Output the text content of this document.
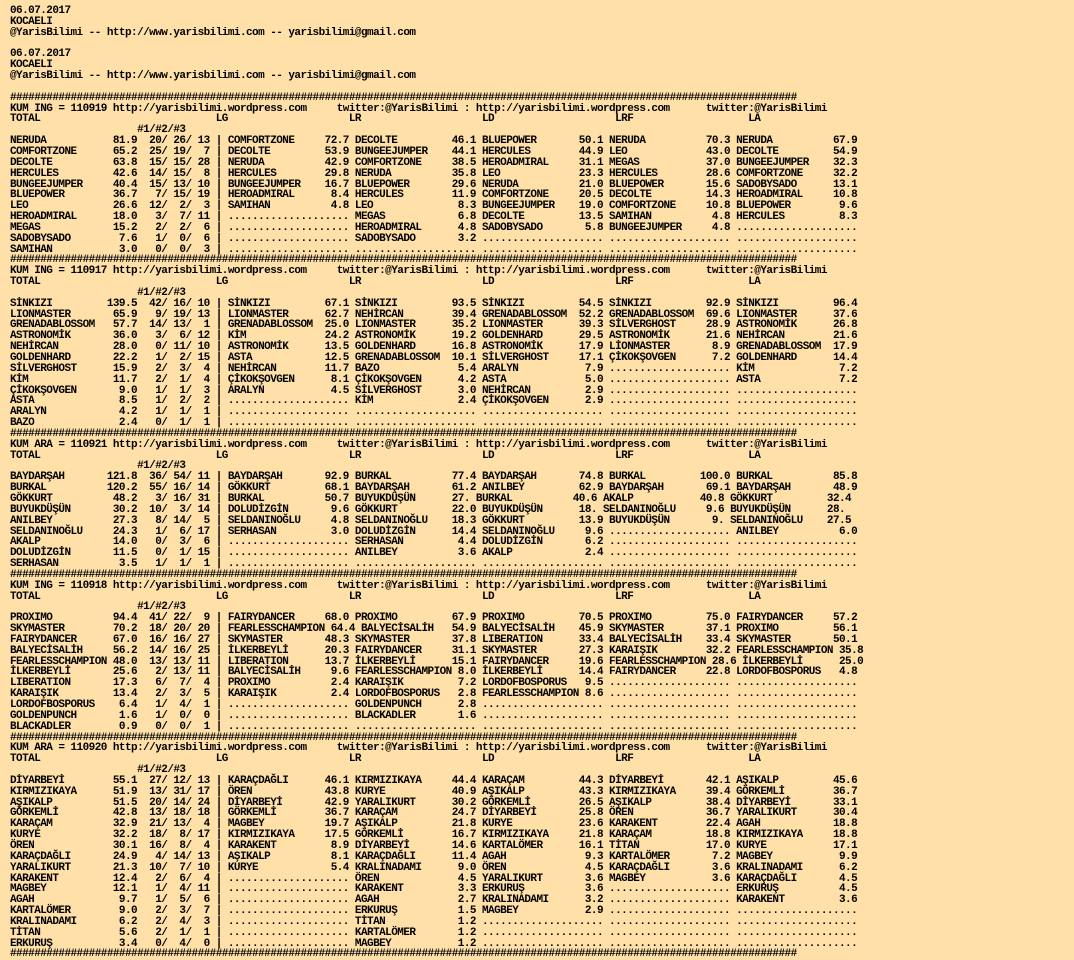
06.07.2017
KOCAELI
@YarisBilimi -- http://www.yarisbilimi.com -- yarisbilimi@gmail.com
06.07.2017
KOCAELI
@YarisBilimi -- http://www.yarisbilimi.com -- yarisbilimi@gmail.com
##################################################################################################################################
KUM ING = 110919 http://yarisbilimi.wordpress.com     twitter:@YarisBilimi : http://yarisbilimi.wordpress.com      twitter:@YarisBilimi
TOTAL                             LG                    LR                    LD                    LRF                   LA
#1/#2/#3
NERUDA           81.9  20/ 26/ 13 | COMFORTZONE     72.7 DECOLTE         46.1 BLUEPOWER       50.1 NERUDA          70.3 NERUDA          67.9
COMFORTZONE      65.2  25/ 19/  7 | DECOLTE         53.9 BUNGEEJUMPER    44.1 HERCULES        44.9 LEO             43.0 DECOLTE         54.9
DECOLTE          63.8  15/ 15/ 28 | NERUDA          42.9 COMFORTZONE     38.5 HEROADMIRAL     31.1 MEGAS           37.0 BUNGEEJUMPER    32.3
HERCULES         42.6  14/ 15/  8 | HERCULES        29.8 NERUDA          35.8 LEO             23.3 HERCULES        28.6 COMFORTZONE     32.2
BUNGEEJUMPER     40.4  15/ 13/ 10 | BUNGEEJUMPER    16.7 BLUEPOWER       29.6 NERUDA          21.0 BLUEPOWER       15.6 SADOBYSADO      13.1
BLUEPOWER        36.7   7/ 15/ 19 | HEROADMIRAL      8.4 HERCULES        11.9 COMFORTZONE     20.5 DECOLTE         14.3 HEROADMIRAL     10.8
LEO              26.6  12/  2/  3 | SAMIHAN          4.8 LEO              8.3 BUNGEEJUMPER    19.0 COMFORTZONE     10.8 BLUEPOWER        9.6
HEROADMIRAL      18.0   3/  7/ 11 | .................... MEGAS            6.8 DECOLTE         13.5 SAMIHAN          4.8 HERCULES         8.3
MEGAS            15.2   2/  2/  6 | .................... HEROADMIRAL      4.8 SADOBYSADO       5.8 BUNGEEJUMPER     4.8 ....................
SADOBYSADO        7.6   1/  0/  6 | .................... SADOBYSADO       3.2 .................... .................... ....................
SAMIHAN           3.0   0/  0/  3 | .................... .................... .................... .................... ....................
##################################################################################################################################
KUM ING = 110917 http://yarisbilimi.wordpress.com     twitter:@YarisBilimi : http://yarisbilimi.wordpress.com      twitter:@YarisBilimi
TOTAL                             LG                    LR                    LD                    LRF                   LA
#1/#2/#3
SİNKIZI         139.5  42/ 16/ 10 | SİNKIZI         67.1 SİNKIZI         93.5 SİNKIZI         54.5 SİNKIZI         92.9 SİNKIZI         96.4
LIONMASTER       65.9   9/ 19/ 13 | LIONMASTER      62.7 NEHİRCAN        39.4 GRENADABLOSSOM  52.2 GRENADABLOSSOM  69.6 LIONMASTER      37.6
GRENADABLOSSOM   57.7  14/ 13/  1 | GRENADABLOSSOM  25.0 LIONMASTER      35.2 LIONMASTER      39.3 SİLVERGHOST     28.9 ASTRONOMİK      26.8
ASTRONOMİK       36.0   3/  6/ 12 | KİM             24.2 ASTRONOMİK      19.2 GOLDENHARD      29.5 ASTRONOMİK      21.6 NEHİRCAN        21.6
NEHİRCAN         28.0   0/ 11/ 10 | ASTRONOMİK      13.5 GOLDENHARD      16.8 ASTRONOMİK      17.9 LİONMASTER       8.9 GRENADABLOSSOM  17.9
GOLDENHARD       22.2   1/  2/ 15 | ASTA            12.5 GRENADABLOSSOM  10.1 SİLVERGHOST     17.1 ÇİKOKŞOVGEN      7.2 GOLDENHARD      14.4
SİLVERGHOST      15.9   2/  3/  4 | NEHİRCAN        11.7 BAZO             5.4 ARALYN           7.9 .................... KİM              7.2
KİM              11.7   2/  1/  4 | ÇİKOKŞOVGEN      8.1 ÇİKOKŞOVGEN      4.2 ASTA             5.0 .................... ASTA             7.2
ÇİKOKŞOVGEN       9.0   1/  1/  3 | ARALYN           4.5 SİLVERGHOST      3.0 NEHİRCAN         2.9 .................... ....................
ASTA              8.5   1/  2/  2 | .................... KİM              2.4 ÇİKOKŞOVGEN      2.9 .................... ....................
ARALYN            4.2   1/  1/  1 | .................... .................... .................... .................... ....................
BAZO              2.4   0/  1/  1 | .................... .................... .................... .................... ....................
##################################################################################################################################
KUM ARA = 110921 http://yarisbilimi.wordpress.com     twitter:@YarisBilimi : http://yarisbilimi.wordpress.com      twitter:@YarisBilimi
TOTAL                             LG                    LR                    LD                    LRF                   LA
#1/#2/#3
BAYDARŞAH       121.8  36/ 54/ 11 | BAYDARŞAH       92.9 BURKAL          77.4 BAYDARŞAH       74.8 BURKAL         100.0 BURKAL          85.8
BURKAL          120.2  55/ 16/ 14 | GÖKKURT         68.1 BAYDARŞAH       61.2 ANILBEY         62.9 BAYDARŞAH       69.1 BAYDARŞAH       48.9
GÖKKURT          48.2   3/ 16/ 31 | BURKAL          50.7 BUYUKDÜŞÜN      27. BURKAL          40.6 AKALP           40.8 GÖKKURT         32.4
BUYUKDÜŞÜN       30.2  10/  3/ 14 | DOLUDİZGİN       9.6 GÖKKURT         22.0 BUYUKDÜŞÜN      18. SELDANINOĞLU     9.6 BUYUKDÜŞÜN      28.
ANILBEY          27.3   8/ 14/  5 | SELDANINOĞLU     4.8 SELDANINOĞLU    18.3 GÖKKURT         13.9 BUYUKDÜŞÜN       9. SELDANINOĞLU    27.5
SELDANINOĞLU     24.3   1/  6/ 17 | SERHASAN         3.0 DOLUDİZGİN      14.4 SELDANINOĞLU     9.6 .................... ANILBEY          6.0
AKALP            14.0   0/  3/  6 | .................... SERHASAN         4.4 DOLUDİZGİN       6.2 .................... ....................
DOLUDİZGİN       11.5   0/  1/ 15 | .................... ANILBEY          3.6 AKALP            2.4 .................... ....................
SERHASAN          3.5   1/  1/  1 | .................... .................... .................... .................... ....................
##################################################################################################################################
KUM ING = 110918 http://yarisbilimi.wordpress.com     twitter:@YarisBilimi : http://yarisbilimi.wordpress.com      twitter:@YarisBilimi
TOTAL                             LG                    LR                    LD                    LRF                   LA
#1/#2/#3
PROXIMO          94.4  41/ 22/  9 | FAIRYDANCER     68.0 PROXIMO         67.9 PROXIMO         70.5 PROXIMO         75.0 FAIRYDANCER     57.2
SKYMASTER        70.2  18/ 20/ 20 | FEARLESSCHAMPION 64.4 BALYECİSALİH   54.9 BALYECİSALİH    45.9 SKYMASTER       37.1 PROXIMO         56.1
FAIRYDANCER      67.0  16/ 16/ 27 | SKYMASTER       48.3 SKYMASTER       37.8 LIBERATION      33.4 BALYECİSALİH    33.4 SKYMASTER       50.1
BALYECİSALİH     56.2  14/ 16/ 25 | İLKERBEYLİ      20.3 FAIRYDANCER     31.1 SKYMASTER       27.3 KARAIŞIK        32.2 FEARLESSCHAMPION 35.8
FEARLESSCHAMPION 48.0  13/ 13/ 11 | LIBERATION      13.7 İLKERBEYLİ      15.1 FAIRYDANCER     19.6 FEARLESSCHAMPION 28.6 İLKERBEYLİ      25.0
İLKERBEYLİ       25.6   2/ 13/ 11 | BALYECİSALİH     9.6 FEARLESSCHAMPION 8.0 İLKERBEYLİ      14.4 FAIRYDANCER     22.8 LORDOFBOSPORUS   4.8
LIBERATION       17.3   6/  7/  4 | PROXIMO          2.4 KARAIŞIK         7.2 LORDOFBOSPORUS   9.5 .................... ....................
KARAIŞIK         13.4   2/  3/  5 | KARAIŞIK         2.4 LORDOFBOSPORUS   2.8 FEARLESSCHAMPION 8.6 .................... ....................
LORDOFBOSPORUS    6.4   1/  4/  1 | .................... GOLDENPUNCH      2.8 .................... .................... ....................
GOLDENPUNCH       1.6   1/  0/  0 | .................... BLACKADLER       1.6 .................... .................... ....................
BLACKADLER        0.9   0/  0/  1 | .................... .................... .................... .................... ....................
##################################################################################################################################
KUM ARA = 110920 http://yarisbilimi.wordpress.com     twitter:@YarisBilimi : http://yarisbilimi.wordpress.com      twitter:@YarisBilimi
TOTAL                             LG                    LR                    LD                    LRF                   LA
#1/#2/#3
DİYARBEYİ        55.1  27/ 12/ 13 | KARAÇDAĞLI      46.1 KIRMIZIKAYA     44.4 KARAÇAM         44.3 DİYARBEYİ       42.1 AŞIKALP         45.6
KIRMIZIKAYA      51.9  13/ 31/ 17 | ÖREN            43.8 KURYE           40.9 AŞIKALP         43.3 KIRMIZIKAYA     39.4 GÖRKEMLİ        36.7
AŞIKALP          51.5  20/ 14/ 24 | DİYARBEYİ       42.9 YARALIKURT      30.2 GÖRKEMLİ        26.5 AŞIKALP         38.4 DİYARBEYİ       33.1
GÖRKEMLİ         42.8  13/ 18/ 18 | GÖRKEMLİ        36.7 KARAÇAM         24.7 DİYARBEYİ       25.8 ÖREN            36.7 YARALIKURT      30.4
KARAÇAM          32.9  21/ 13/  4 | MAGBEY          19.7 AŞIKALP         21.8 KURYE           23.6 KARAKENT        22.4 AGAH            18.8
KURYE            32.2  18/  8/ 17 | KIRMIZIKAYA     17.5 GÖRKEMLİ        16.7 KIRMIZIKAYA     21.8 KARAÇAM         18.8 KIRMIZIKAYA     18.8
ÖREN             30.1  16/  8/  4 | KARAKENT         8.9 DİYARBEYİ       14.6 KARTALÖMER      16.1 TİTAN           17.0 KURYE           17.1
KARAÇDAĞLI       24.9   4/ 14/ 13 | AŞIKALP          8.1 KARAÇDAĞLI      11.4 AGAH             9.3 KARTALÖMER       7.2 MAGBEY           9.9
YARALIKURT       21.3  10/  7/ 10 | KURYE            5.4 KRALINADAMI      9.0 ÖREN             4.5 KARAÇDAĞLI       3.6 KRALINADAMI      6.2
KARAKENT         12.4   2/  6/  4 | .................... ÖREN             4.5 YARALIKURT       3.6 MAGBEY           3.6 KARAÇDAĞLI       4.5
MAGBEY           12.1   1/  4/ 11 | .................... KARAKENT         3.3 ERKURUŞ          3.6 .................... ERKURUŞ          4.5
AGAH              9.7   1/  5/  6 | .................... AGAH             2.7 KRALINADAMI      3.2 .................... KARAKENT         3.6
KARTALÖMER        9.0   2/  3/  7 | .................... ERKURUŞ          1.5 MAGBEY           2.9 .................... ....................
KRALINADAMI       6.2   2/  4/  3 | .................... TİTAN            1.2 .................... .................... ....................
TİTAN             5.6   2/  1/  1 | .................... KARTALÖMER       1.2 .................... .................... ....................
ERKURUŞ           3.4   0/  4/  0 | .................... MAGBEY           1.2 .................... .................... ....................
##################################################################################################################################
